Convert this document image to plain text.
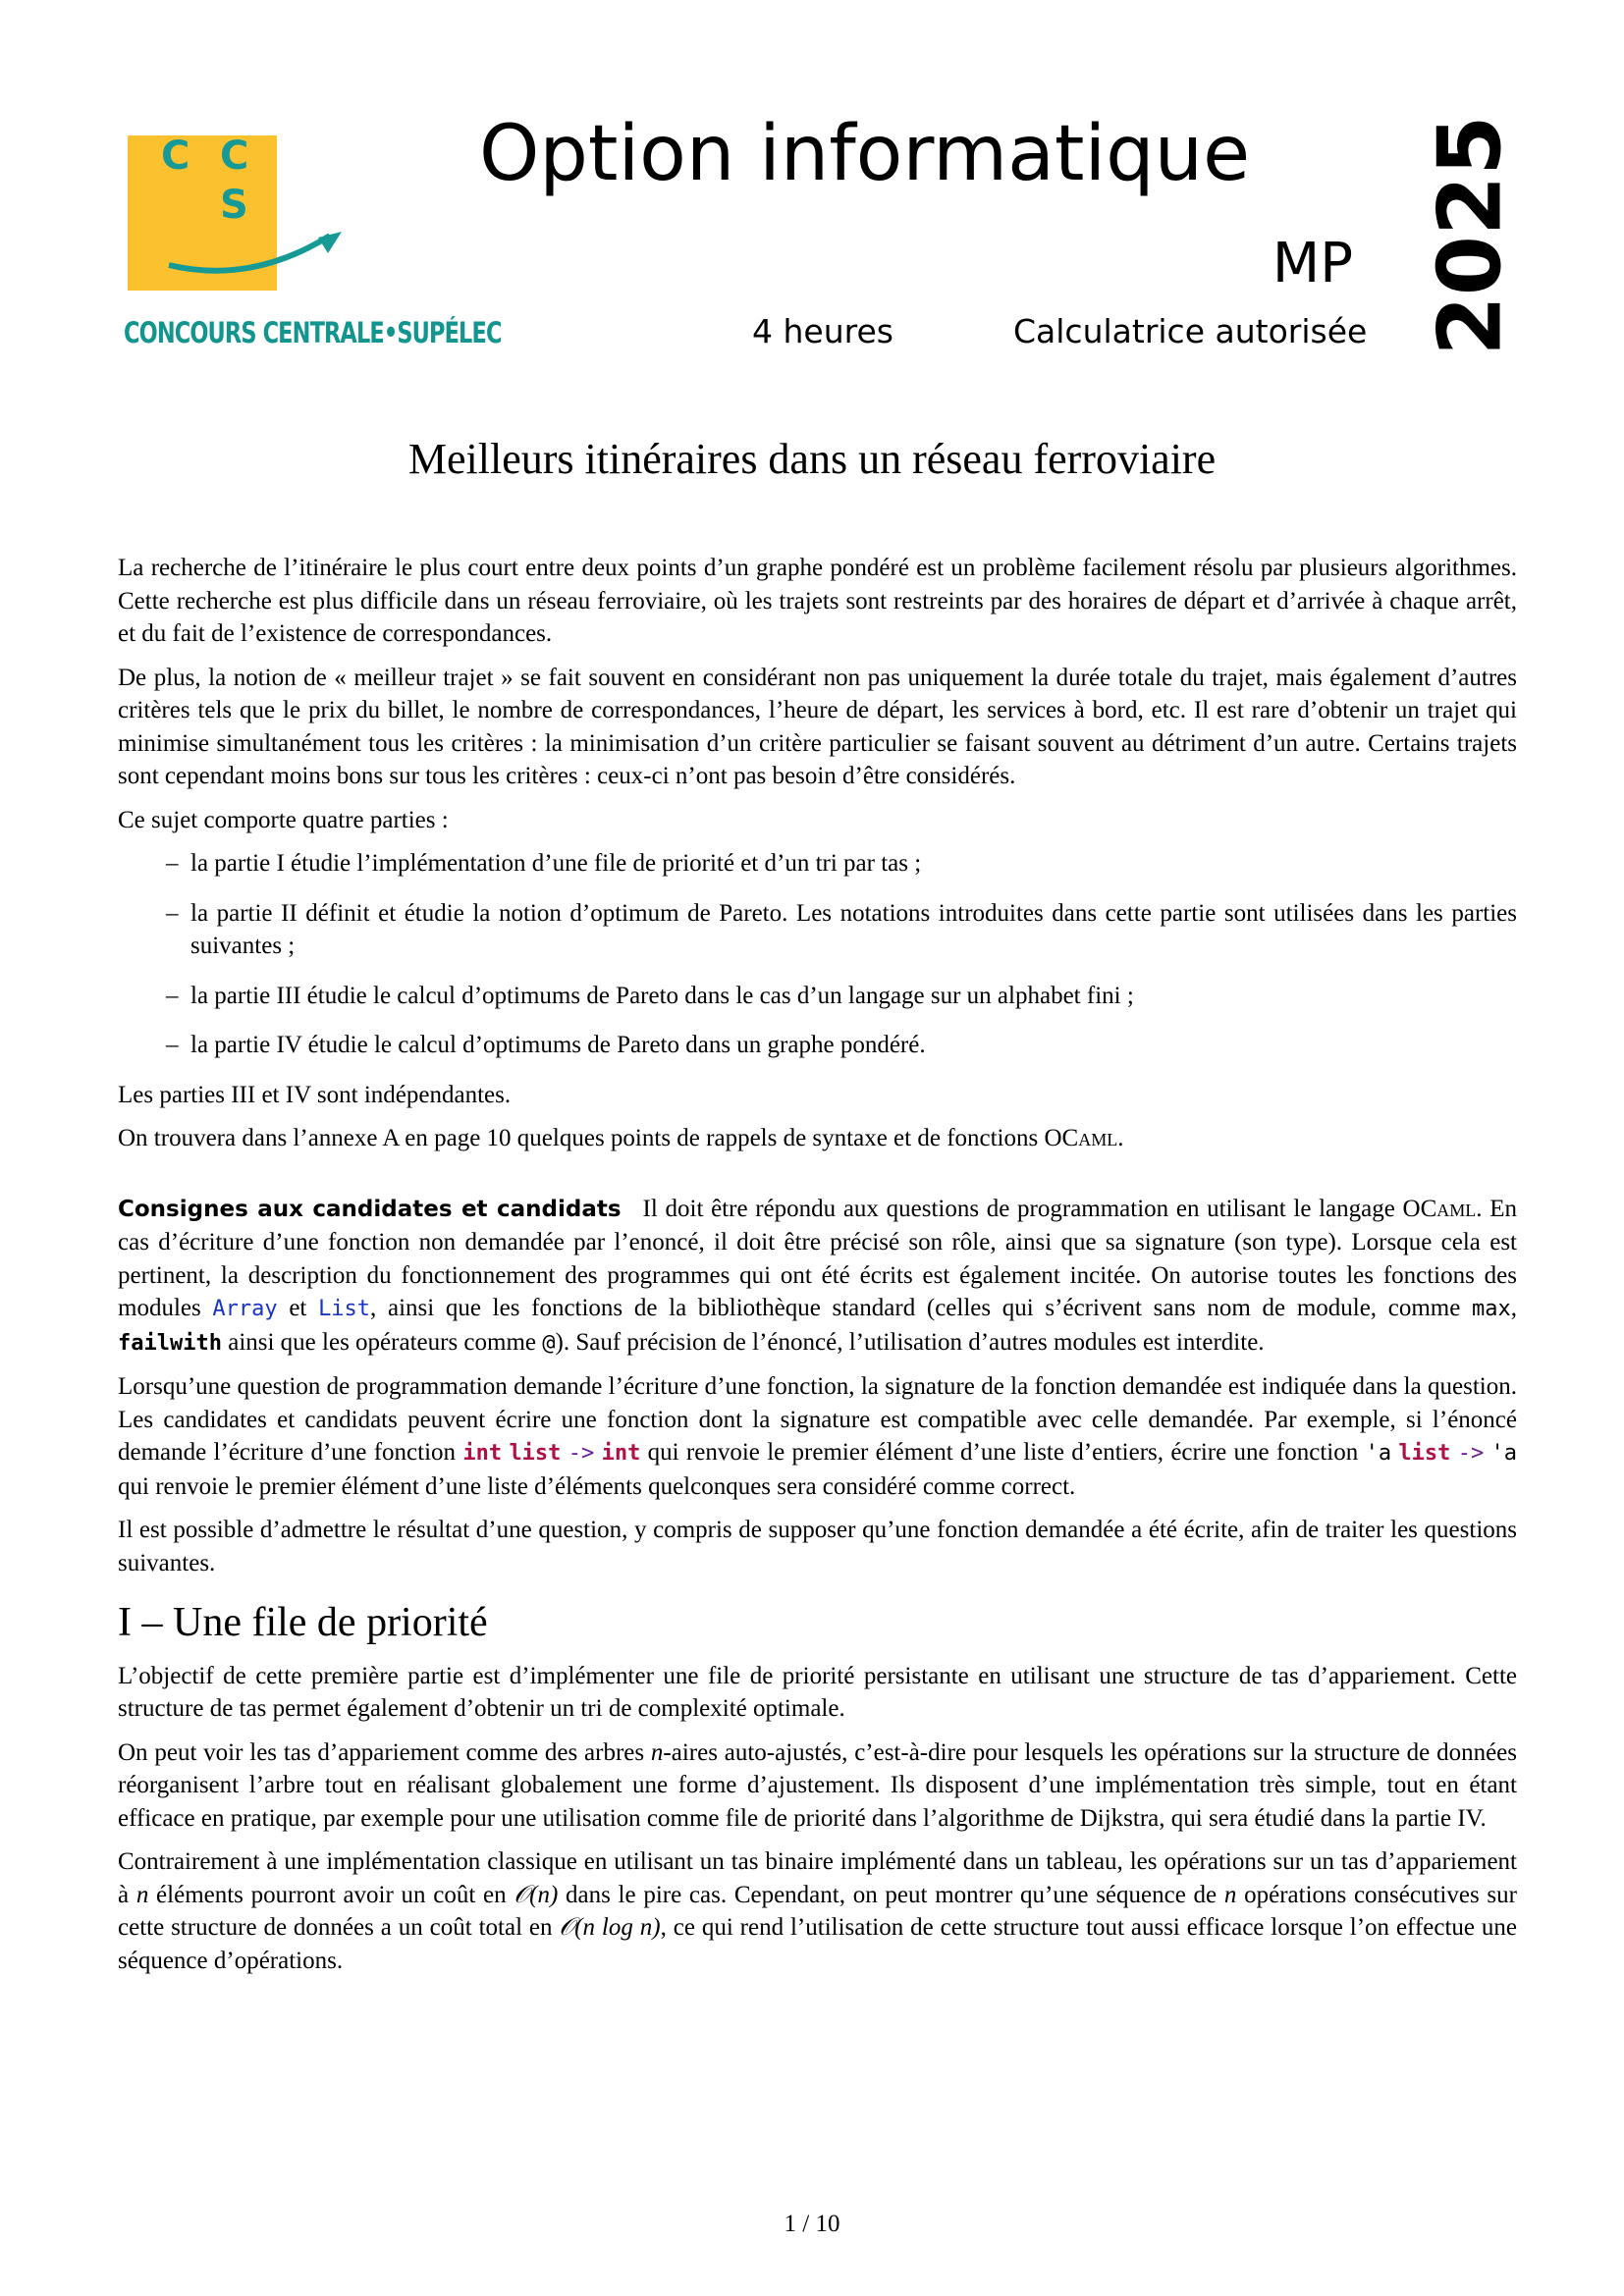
C C
S
CONCOURS CENTRALE•SUPÉLEC
Option informatique
MP
4 heures	Calculatrice autorisée 2025
Meilleurs itinéraires dans un réseau ferroviaire

La recherche de l’itinéraire le plus court entre deux points d’un graphe pondéré est un problème facilement résolu par plusieurs algorithmes. Cette recherche est plus difficile dans un réseau ferroviaire, où les trajets sont restreints par des horaires de départ et d’arrivée à chaque arrêt, et du fait de l’existence de correspondances.

De plus, la notion de « meilleur trajet » se fait souvent en considérant non pas uniquement la durée totale du trajet, mais également d’autres critères tels que le prix du billet, le nombre de correspondances, l’heure de départ, les services à bord, etc. Il est rare d’obtenir un trajet qui minimise simultanément tous les critères : la minimisation d’un critère particulier se faisant souvent au détriment d’un autre. Certains trajets sont cependant moins bons sur tous les critères : ceux-ci n’ont pas besoin d’être considérés.

Ce sujet comporte quatre parties :

– la partie I étudie l’implémentation d’une file de priorité et d’un tri par tas ;
– la partie II définit et étudie la notion d’optimum de Pareto. Les notations introduites dans cette partie sont utilisées dans les parties suivantes ;
– la partie III étudie le calcul d’optimums de Pareto dans le cas d’un langage sur un alphabet fini ;
– la partie IV étudie le calcul d’optimums de Pareto dans un graphe pondéré.

Les parties III et IV sont indépendantes.

On trouvera dans l’annexe A en page 10 quelques points de rappels de syntaxe et de fonctions OCaml.

Consignes aux candidates et candidats Il doit être répondu aux questions de programmation en utilisant le langage OCaml. En cas d’écriture d’une fonction non demandée par l’enoncé, il doit être précisé son rôle, ainsi que sa signature (son type). Lorsque cela est pertinent, la description du fonctionnement des programmes qui ont été écrits est également incitée. On autorise toutes les fonctions des modules Array et List, ainsi que les fonctions de la bibliothèque standard (celles qui s’écrivent sans nom de module, comme max, failwith ainsi que les opérateurs comme @). Sauf précision de l’énoncé, l’utilisation d’autres modules est interdite.

Lorsqu’une question de programmation demande l’écriture d’une fonction, la signature de la fonction demandée est indiquée dans la question. Les candidates et candidats peuvent écrire une fonction dont la signature est compatible avec celle demandée. Par exemple, si l’énoncé demande l’écriture d’une fonction int list -> int qui renvoie le premier élément d’une liste d’entiers, écrire une fonction 'a list -> 'a qui renvoie le premier élément d’une liste d’éléments quelconques sera considéré comme correct.

Il est possible d’admettre le résultat d’une question, y compris de supposer qu’une fonction demandée a été écrite, afin de traiter les questions suivantes.

I – Une file de priorité

L’objectif de cette première partie est d’implémenter une file de priorité persistante en utilisant une structure de tas d’appariement. Cette structure de tas permet également d’obtenir un tri de complexité optimale.

On peut voir les tas d’appariement comme des arbres n-aires auto-ajustés, c’est-à-dire pour lesquels les opérations sur la structure de données réorganisent l’arbre tout en réalisant globalement une forme d’ajustement. Ils disposent d’une implémentation très simple, tout en étant efficace en pratique, par exemple pour une utilisation comme file de priorité dans l’algorithme de Dijkstra, qui sera étudié dans la partie IV.

Contrairement à une implémentation classique en utilisant un tas binaire implémenté dans un tableau, les opérations sur un tas d’appariement à n éléments pourront avoir un coût en 𝒪(n) dans le pire cas. Cependant, on peut montrer qu’une séquence de n opérations consécutives sur cette structure de données a un coût total en 𝒪(n log n), ce qui rend l’utilisation de cette structure tout aussi efficace lorsque l’on effectue une séquence d’opérations.

1 / 10
